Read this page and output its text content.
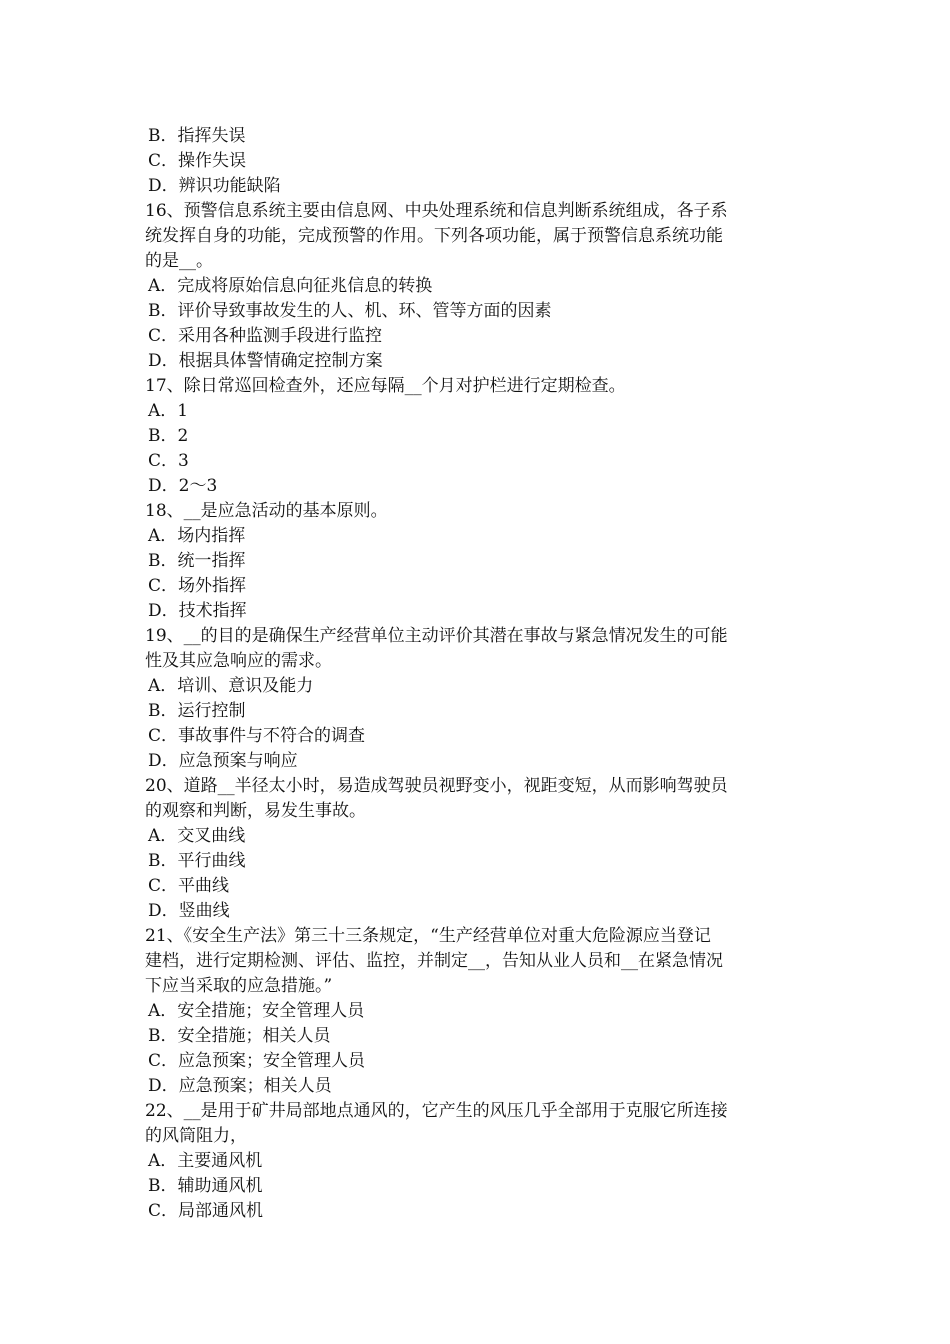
B．指挥失误
C．操作失误
D．辨识功能缺陷
16、预警信息系统主要由信息网、中央处理系统和信息判断系统组成，各子系
统发挥自身的功能，完成预警的作用。下列各项功能，属于预警信息系统功能
的是__。
A．完成将原始信息向征兆信息的转换
B．评价导致事故发生的人、机、环、管等方面的因素
C．采用各种监测手段进行监控
D．根据具体警情确定控制方案
17、除日常巡回检查外，还应每隔__个月对护栏进行定期检查。
A．1
B．2
C．3
D．2～3
18、__是应急活动的基本原则。
A．场内指挥
B．统一指挥
C．场外指挥
D．技术指挥
19、__的目的是确保生产经营单位主动评价其潜在事故与紧急情况发生的可能
性及其应急响应的需求。
A．培训、意识及能力
B．运行控制
C．事故事件与不符合的调查
D．应急预案与响应
20、道路__半径太小时，易造成驾驶员视野变小，视距变短，从而影响驾驶员
的观察和判断，易发生事故。
A．交叉曲线
B．平行曲线
C．平曲线
D．竖曲线
21、《安全生产法》第三十三条规定，“生产经营单位对重大危险源应当登记
建档，进行定期检测、评估、监控，并制定__，告知从业人员和__在紧急情况
下应当采取的应急措施。”
A．安全措施；安全管理人员
B．安全措施；相关人员
C．应急预案；安全管理人员
D．应急预案；相关人员
22、__是用于矿井局部地点通风的，它产生的风压几乎全部用于克服它所连接
的风筒阻力，
A．主要通风机
B．辅助通风机
C．局部通风机
